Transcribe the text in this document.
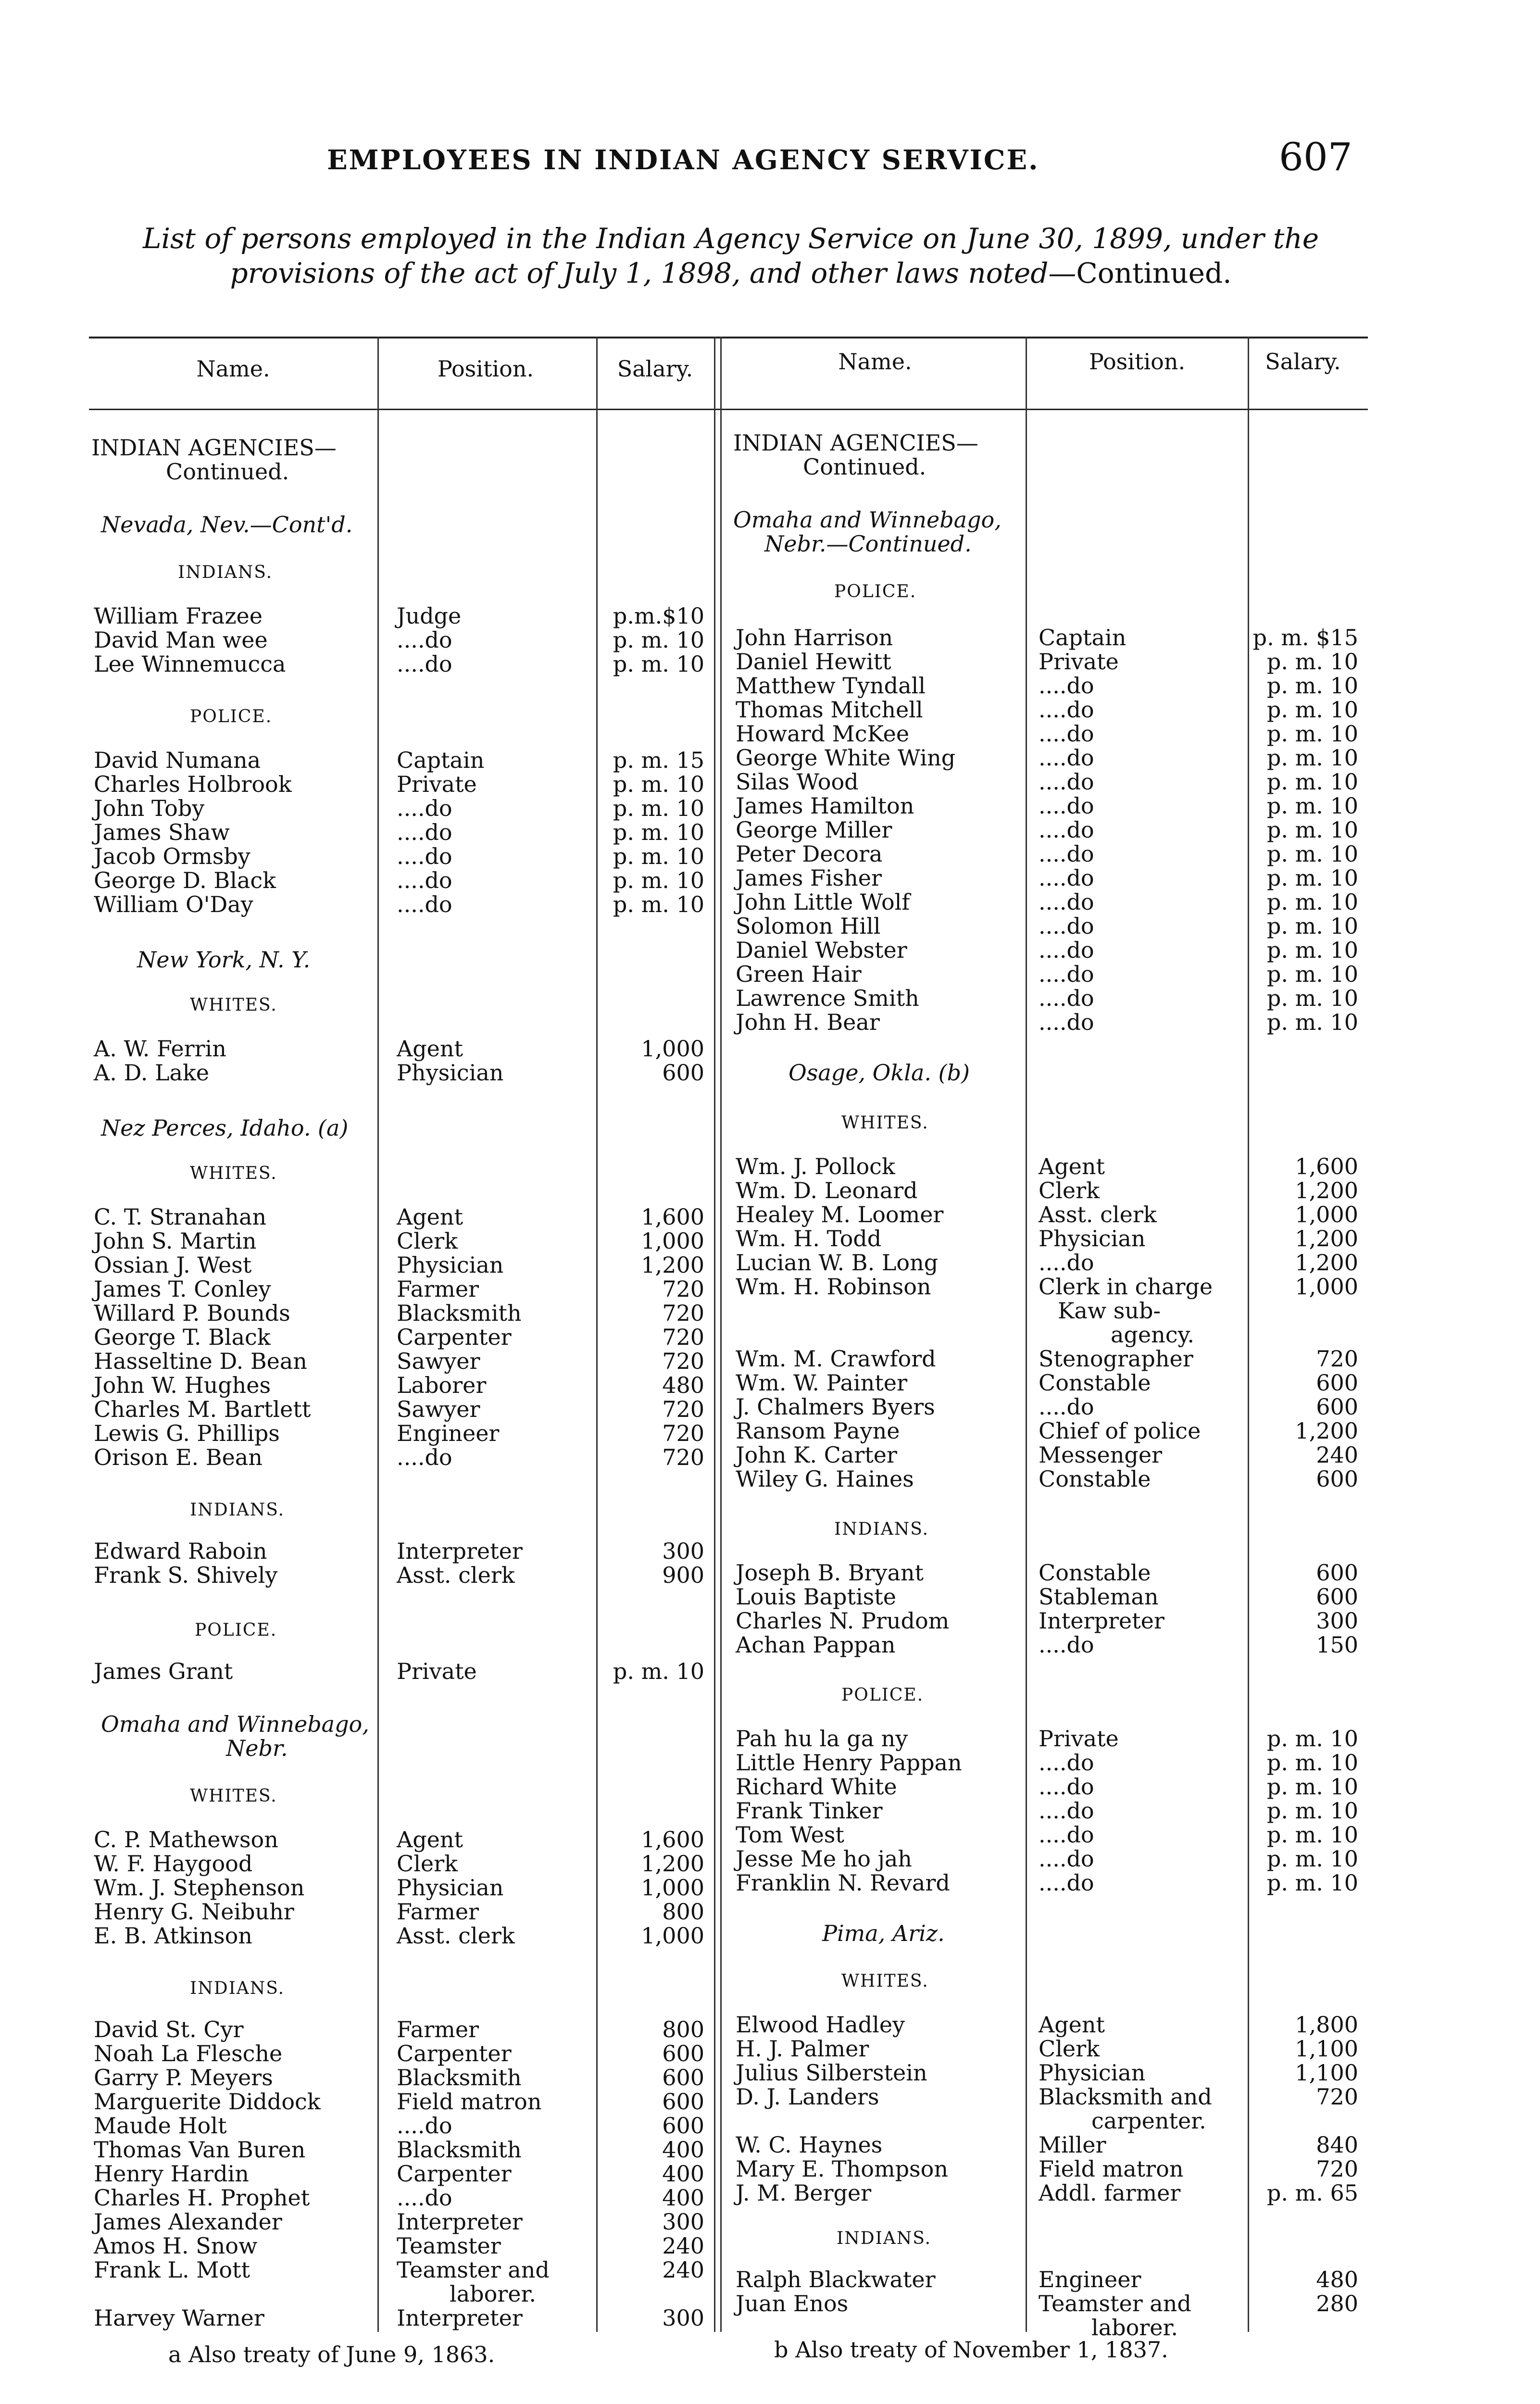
EMPLOYEES IN INDIAN AGENCY SERVICE.	607
List of persons employed in the Indian Agency Service on June 30, 1899, under the provisions of the act of July 1, 1898, and other laws noted—Continued.
Name.	Position.	Salary.	Name.	Position.	Salary.
INDIAN AGENCIES—
Continued.
Nevada, Nev.—Cont'd.
INDIANS.
POLICE.
New York, N. Y.
WHITES.
Nez Perces, Idaho. (a)
WHITES.
INDIANS.
POLICE.
Omaha and Winnebago,
Nebr.
WHITES.
INDIANS.
INDIAN AGENCIES—
Continued.
Omaha and Winnebago,
Nebr.—Continued.
POLICE.
Osage, Okla. (b)
WHITES.
INDIANS.
POLICE.
Pima, Ariz.
WHITES.
INDIANS.
William Frazee	Judge	p.m.$10
David Man wee	....do	p. m. 10
Lee Winnemucca	....do	p. m. 10
David Numana	Captain	p. m. 15
Charles Holbrook	Private	p. m. 10
John Toby	....do	p. m. 10
James Shaw	....do	p. m. 10
Jacob Ormsby	....do	p. m. 10
George D. Black	....do	p. m. 10
William O'Day	....do	p. m. 10
A. W. Ferrin	Agent	1,000
A. D. Lake	Physician	600
C. T. Stranahan	Agent	1,600
John S. Martin	Clerk	1,000
Ossian J. West	Physician	1,200
James T. Conley	Farmer	720
Willard P. Bounds	Blacksmith	720
George T. Black	Carpenter	720
Hasseltine D. Bean	Sawyer	720
John W. Hughes	Laborer	480
Charles M. Bartlett	Sawyer	720
Lewis G. Phillips	Engineer	720
Orison E. Bean	....do	720
Edward Raboin	Interpreter	300
Frank S. Shively	Asst. clerk	900
James Grant	Private	p. m. 10
C. P. Mathewson	Agent	1,600
W. F. Haygood	Clerk	1,200
Wm. J. Stephenson	Physician	1,000
Henry G. Neibuhr	Farmer	800
E. B. Atkinson	Asst. clerk	1,000
David St. Cyr	Farmer	800
Noah La Flesche	Carpenter	600
Garry P. Meyers	Blacksmith	600
Marguerite Diddock	Field matron	600
Maude Holt	....do	600
Thomas Van Buren	Blacksmith	400
Henry Hardin	Carpenter	400
Charles H. Prophet	....do	400
James Alexander	Interpreter	300
Amos H. Snow	Teamster	240
Frank L. Mott	Teamster and	240
laborer.
Harvey Warner	Interpreter	300
John Harrison	Captain	p. m. $15
Daniel Hewitt	Private	p. m. 10
Matthew Tyndall	....do	p. m. 10
Thomas Mitchell	....do	p. m. 10
Howard McKee	....do	p. m. 10
George White Wing	....do	p. m. 10
Silas Wood	....do	p. m. 10
James Hamilton	....do	p. m. 10
George Miller	....do	p. m. 10
Peter Decora	....do	p. m. 10
James Fisher	....do	p. m. 10
John Little Wolf	....do	p. m. 10
Solomon Hill	....do	p. m. 10
Daniel Webster	....do	p. m. 10
Green Hair	....do	p. m. 10
Lawrence Smith	....do	p. m. 10
John H. Bear	....do	p. m. 10
Wm. J. Pollock	Agent	1,600
Wm. D. Leonard	Clerk	1,200
Healey M. Loomer	Asst. clerk	1,000
Wm. H. Todd	Physician	1,200
Lucian W. B. Long	....do	1,200
Wm. H. Robinson	Clerk in charge	1,000
Kaw sub-
agency.
Wm. M. Crawford	Stenographer	720
Wm. W. Painter	Constable	600
J. Chalmers Byers	....do	600
Ransom Payne	Chief of police	1,200
John K. Carter	Messenger	240
Wiley G. Haines	Constable	600
Joseph B. Bryant	Constable	600
Louis Baptiste	Stableman	600
Charles N. Prudom	Interpreter	300
Achan Pappan	....do	150
Pah hu la ga ny	Private	p. m. 10
Little Henry Pappan	....do	p. m. 10
Richard White	....do	p. m. 10
Frank Tinker	....do	p. m. 10
Tom West	....do	p. m. 10
Jesse Me ho jah	....do	p. m. 10
Franklin N. Revard	....do	p. m. 10
Elwood Hadley	Agent	1,800
H. J. Palmer	Clerk	1,100
Julius Silberstein	Physician	1,100
D. J. Landers	Blacksmith and	720
carpenter.
W. C. Haynes	Miller	840
Mary E. Thompson	Field matron	720
J. M. Berger	Addl. farmer	p. m. 65
Ralph Blackwater	Engineer	480
Juan Enos	Teamster and	280
laborer.
a Also treaty of June 9, 1863.	b Also treaty of November 1, 1837.
